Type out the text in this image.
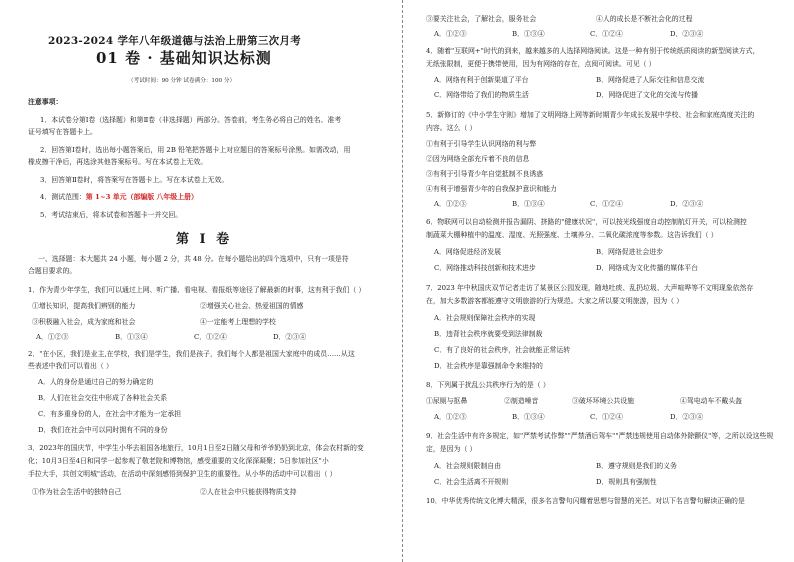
2023-2024 学年八年级道德与法治上册第三次月考
01 卷 · 基础知识达标测
（考试时间：90 分钟 试卷满分：100 分）
注意事项：
1．本试卷分第Ⅰ卷（选择题）和第Ⅱ卷（非选择题）两部分。答卷前，考生务必将自己的姓名、准考
证号填写在答题卡上。
2．回答第Ⅰ卷时，选出每小题答案后，用 2B 铅笔把答题卡上对应题目的答案标号涂黑。如需改动，用
橡皮擦干净后，再选涂其他答案标号。写在本试卷上无效。
3．回答第Ⅱ卷时，将答案写在答题卡上。写在本试卷上无效。
4．测试范围：第 1~3 单元（部编版 八年级上册）
5．考试结束后，将本试卷和答题卡一并交回。
第 Ⅰ 卷
一、选择题：本大题共 24 小题，每小题 2 分，共 48 分。在每小题给出的四个选项中，只有一项是符
合题目要求的。
1．作为青少年学生，我们可以通过上网、听广播、看电视、看报纸等途径了解最新的时事，这有利于我们（ ）
①增长知识，提高我们辨别的能力	②增强关心社会、热爱祖国的情感
③积极融入社会，成为家庭和社会	④一定能考上理想的学校
A．①②③	B．①③④	C．①②④	D．②③④
2．"在小区，我们是业主,在学校，我们是学生，我们是孩子，我们每个人都是祖国大家庭中的成员……从这
些表述中我们可以看出（ ）
A．人的身份是通过自己的努力确定的
B．人们在社会交往中形成了各种社会关系
C．有多重身份的人，在社会中才能为一定承担
D．我们在社会中可以同时拥有不同的身份
3．2023年的国庆节，中学生小华去祖国各地旅行，10月1日至2日随父母和爷爷奶奶到北京，体会农村新的变
化；10月3日至4日和同学一起参观了敬老院和博物馆，感受重要的文化深深凝聚；5日参加社区"小
手拉大手，共创文明城"活动，在活动中深刻感悟到保护卫生的重要性。从小华的活动中可以看出（ ）
①作为社会生活中的独特自己	②人在社会中只能获得物质支持
③要关注社会，了解社会，服务社会	④人的成长是不断社会化的过程
A．①②③	B．①③④	C．①②④	D．②③④
4．随着"互联网+"时代的到来，越来越多的人选择网络阅读。这是一种有别于传统纸质阅读的新型阅读方式，
无纸张限制，更便于携带使用，因为有网络的存在，点阅可阅读。可见（ ）
A．网络有利于创新渠道了平台	B．网络促进了人际交往和信息交流
C．网络带给了我们的物质生活	D．网络促进了文化的交流与传播
5．新修订的《中小学生守则》增加了文明网络上网等新时期青少年成长发展中学校、社会和家庭高度关注的
内容。这么（ ）
①有利于引导学生认识网络的利与弊
②因为网络全部充斥着不良的信息
③有利于引导青少年自觉抵制不良诱惑
④有利于增强青少年的自我保护意识和能力
A．①②③	B．①③④	C．①②④	D．②③④
6．物联网可以自动检测并报告漏阴、挤路的"健康状况"，可以按光线强度自动控制航灯开关，可以检测控
制蔬菜大棚种植中的温度、湿度、光照强度、土壤养分、二氧化碳浓度等参数。这告诉我们（ ）
A．网络促进经济发展	B．网络促进社会进步
C．网络推动科技创新和技术进步	D．网络成为文化传播的媒体平台
7．2023 年中秋国庆双节记者走访了某景区公园发现，随地吐痰、乱扔垃圾、大声喧哗等不文明现象依然存
在，加大多数游客都能遵守文明旅游的行为规范。大家之所以要文明旅游，因为（ ）
A．社会规则保障社会秩序的实现
B．违背社会秩序就要受到法律制裁
C．有了良好的社会秩序，社会就能正常运转
D．社会秩序是靠强制命令来维持的
8．下列属于扰乱公共秩序行为的是（ ）
①尿厕与抠鼻	②制造噪音	③破坏环境公共设施	④驾电动车不戴头盔
A．①②③	B．①③④	C．①②④	D．②③④
9．社会生活中有许多规定，如"严禁考试作弊""严禁酒后驾车""严禁违规使用自动体外除颤仪"等，之所以设这些规
定，是因为（ ）
A．社会规则限制自由	B．遵守规则是我们的义务
C．社会生活离不开规则	D．规则具有强制性
10．中华优秀传统文化博大精深，很多名言警句闪耀着思想与智慧的光芒。对以下名言警句解读正确的是
